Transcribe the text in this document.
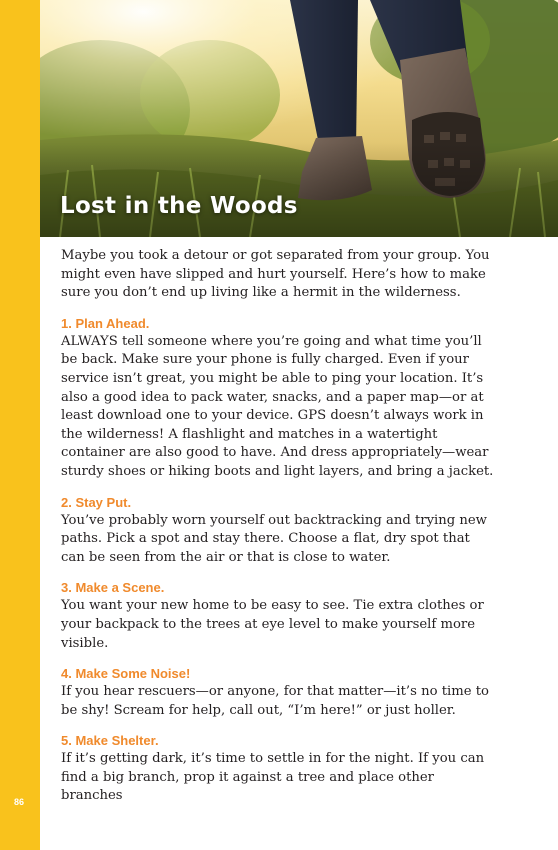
86
Lost in the Woods

Maybe you took a detour or got separated from your group. You might even have slipped and hurt yourself. Here’s how to make sure you don’t end up living like a hermit in the wilderness.

1. Plan Ahead.

ALWAYS tell someone where you’re going and what time you’ll be back. Make sure your phone is fully charged. Even if your service isn’t great, you might be able to ping your location. It’s also a good idea to pack water, snacks, and a paper map—or at least download one to your device. GPS doesn’t always work in the wilderness! A flashlight and matches in a watertight container are also good to have. And dress appropriately—wear sturdy shoes or hiking boots and light layers, and bring a jacket.

2. Stay Put.

You’ve probably worn yourself out backtracking and trying new paths. Pick a spot and stay there. Choose a flat, dry spot that can be seen from the air or that is close to water.

3. Make a Scene.

You want your new home to be easy to see. Tie extra clothes or your backpack to the trees at eye level to make yourself more visible.

4. Make Some Noise!

If you hear rescuers—or anyone, for that matter—it’s no time to be shy! Scream for help, call out, “I’m here!” or just holler.

5. Make Shelter.

If it’s getting dark, it’s time to settle in for the night. If you can find a big branch, prop it against a tree and place other branches
